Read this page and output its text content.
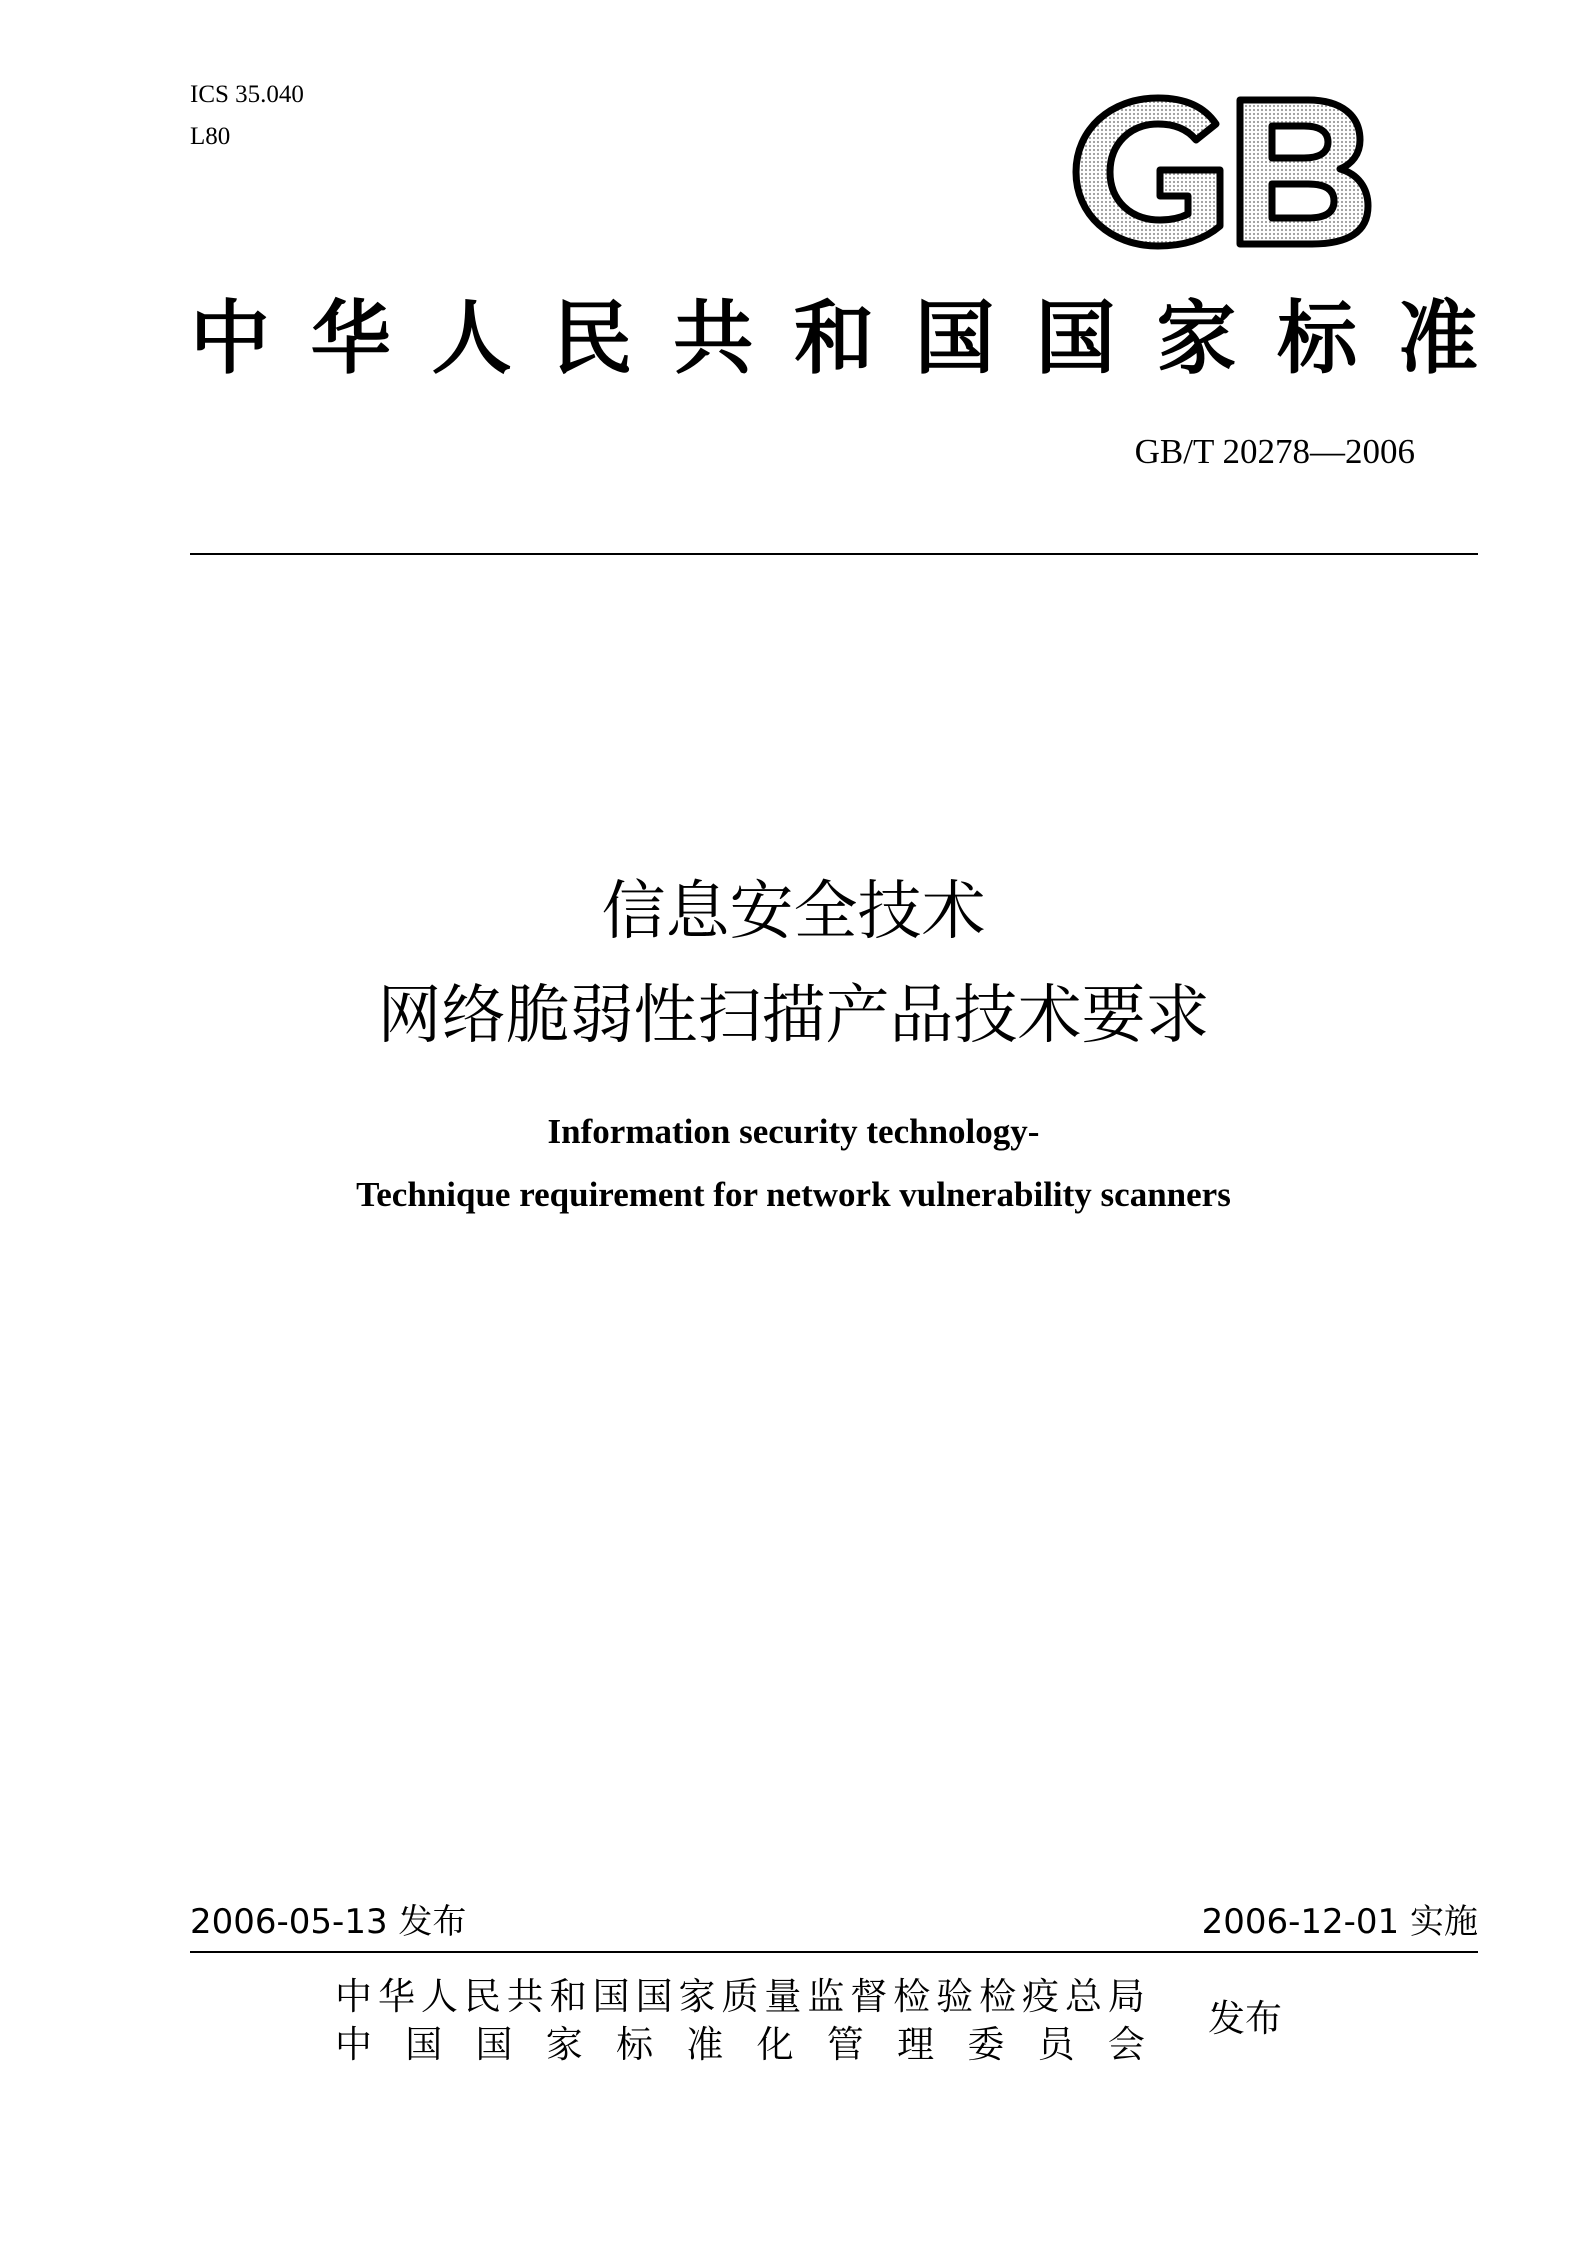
ICS 35.040
L80
中 华 人 民 共 和 国 国 家 标 准
GB/T 20278—2006
信息安全技术
网络脆弱性扫描产品技术要求
Information security technology-
Technique requirement for network vulnerability scanners
2006-05-13 发布	2006-12-01 实施
中 华 人 民 共 和 国 国 家 质 量 监 督 检 验 检 疫 总 局
中 国 国 家 标 准 化 管 理 委 员 会
发布
